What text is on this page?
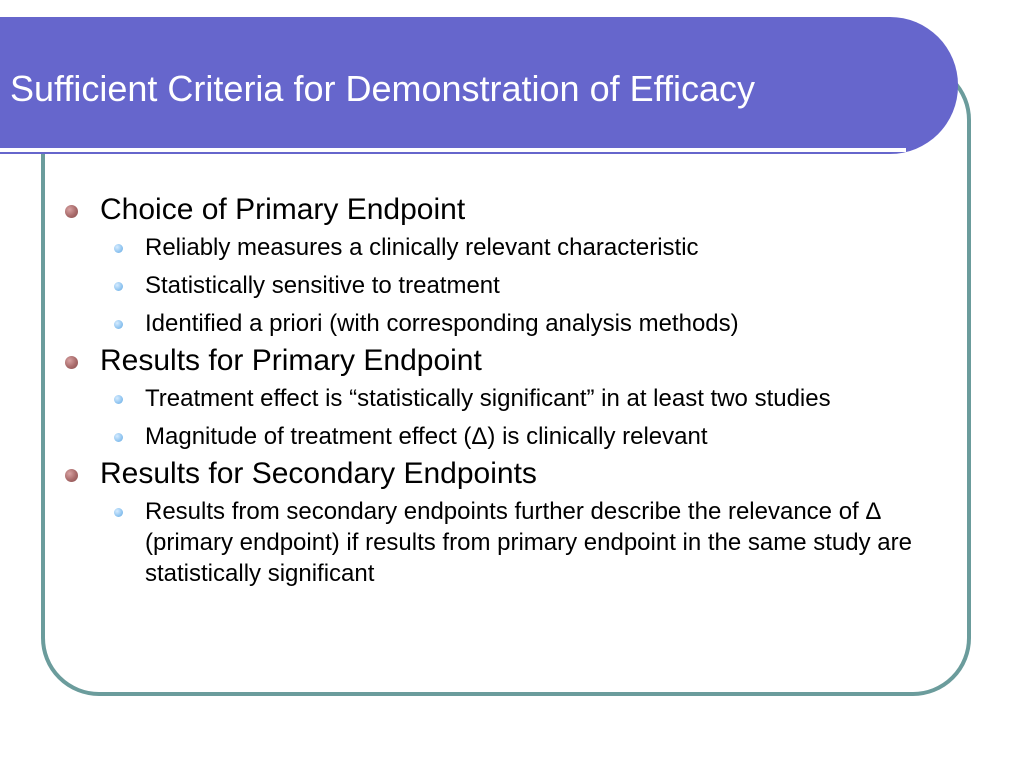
Sufficient Criteria for Demonstration of Efficacy
Choice of Primary Endpoint
Reliably measures a clinically relevant characteristic
Statistically sensitive to treatment
Identified a priori (with corresponding analysis methods)
Results for Primary Endpoint
Treatment effect is “statistically significant” in at least two studies
Magnitude of treatment effect (Δ) is clinically relevant
Results for Secondary Endpoints
Results from secondary endpoints further describe the relevance of Δ (primary endpoint) if results from primary endpoint in the same study are statistically significant
